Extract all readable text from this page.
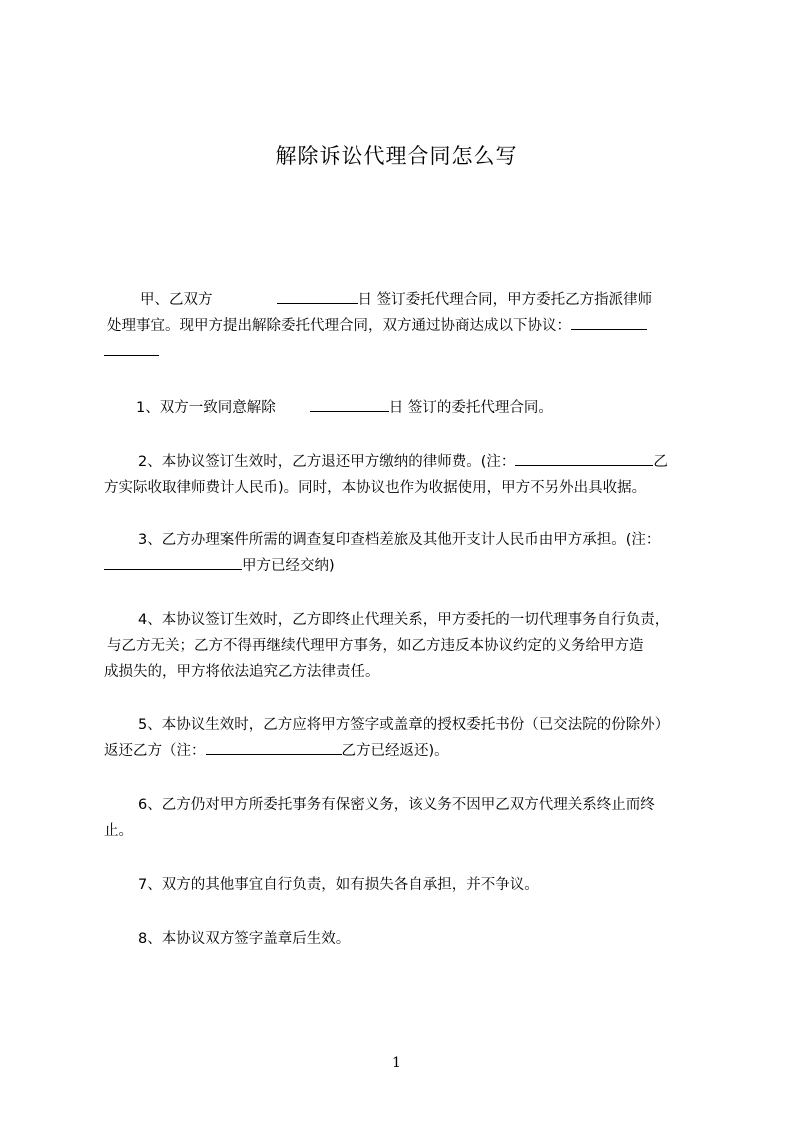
解除诉讼代理合同怎么写

甲、乙双方	日 签订委托代理合同，甲方委托乙方指派律师
处理事宜。现甲方提出解除委托代理合同，双方通过协商达成以下协议：

1、双方一致同意解除	日 签订的委托代理合同。

2、本协议签订生效时，乙方退还甲方缴纳的律师费。(注：	乙
方实际收取律师费计人民币)。同时，本协议也作为收据使用，甲方不另外出具收据。

3、乙方办理案件所需的调查复印查档差旅及其他开支计人民币由甲方承担。(注：
甲方已经交纳)

4、本协议签订生效时，乙方即终止代理关系，甲方委托的一切代理事务自行负责，
与乙方无关；乙方不得再继续代理甲方事务，如乙方违反本协议约定的义务给甲方造
成损失的，甲方将依法追究乙方法律责任。

5、本协议生效时，乙方应将甲方签字或盖章的授权委托书份（已交法院的份除外）
返还乙方（注：	乙方已经返还)。

6、乙方仍对甲方所委托事务有保密义务，该义务不因甲乙双方代理关系终止而终
止。

7、双方的其他事宜自行负责，如有损失各自承担，并不争议。

8、本协议双方签字盖章后生效。

1
